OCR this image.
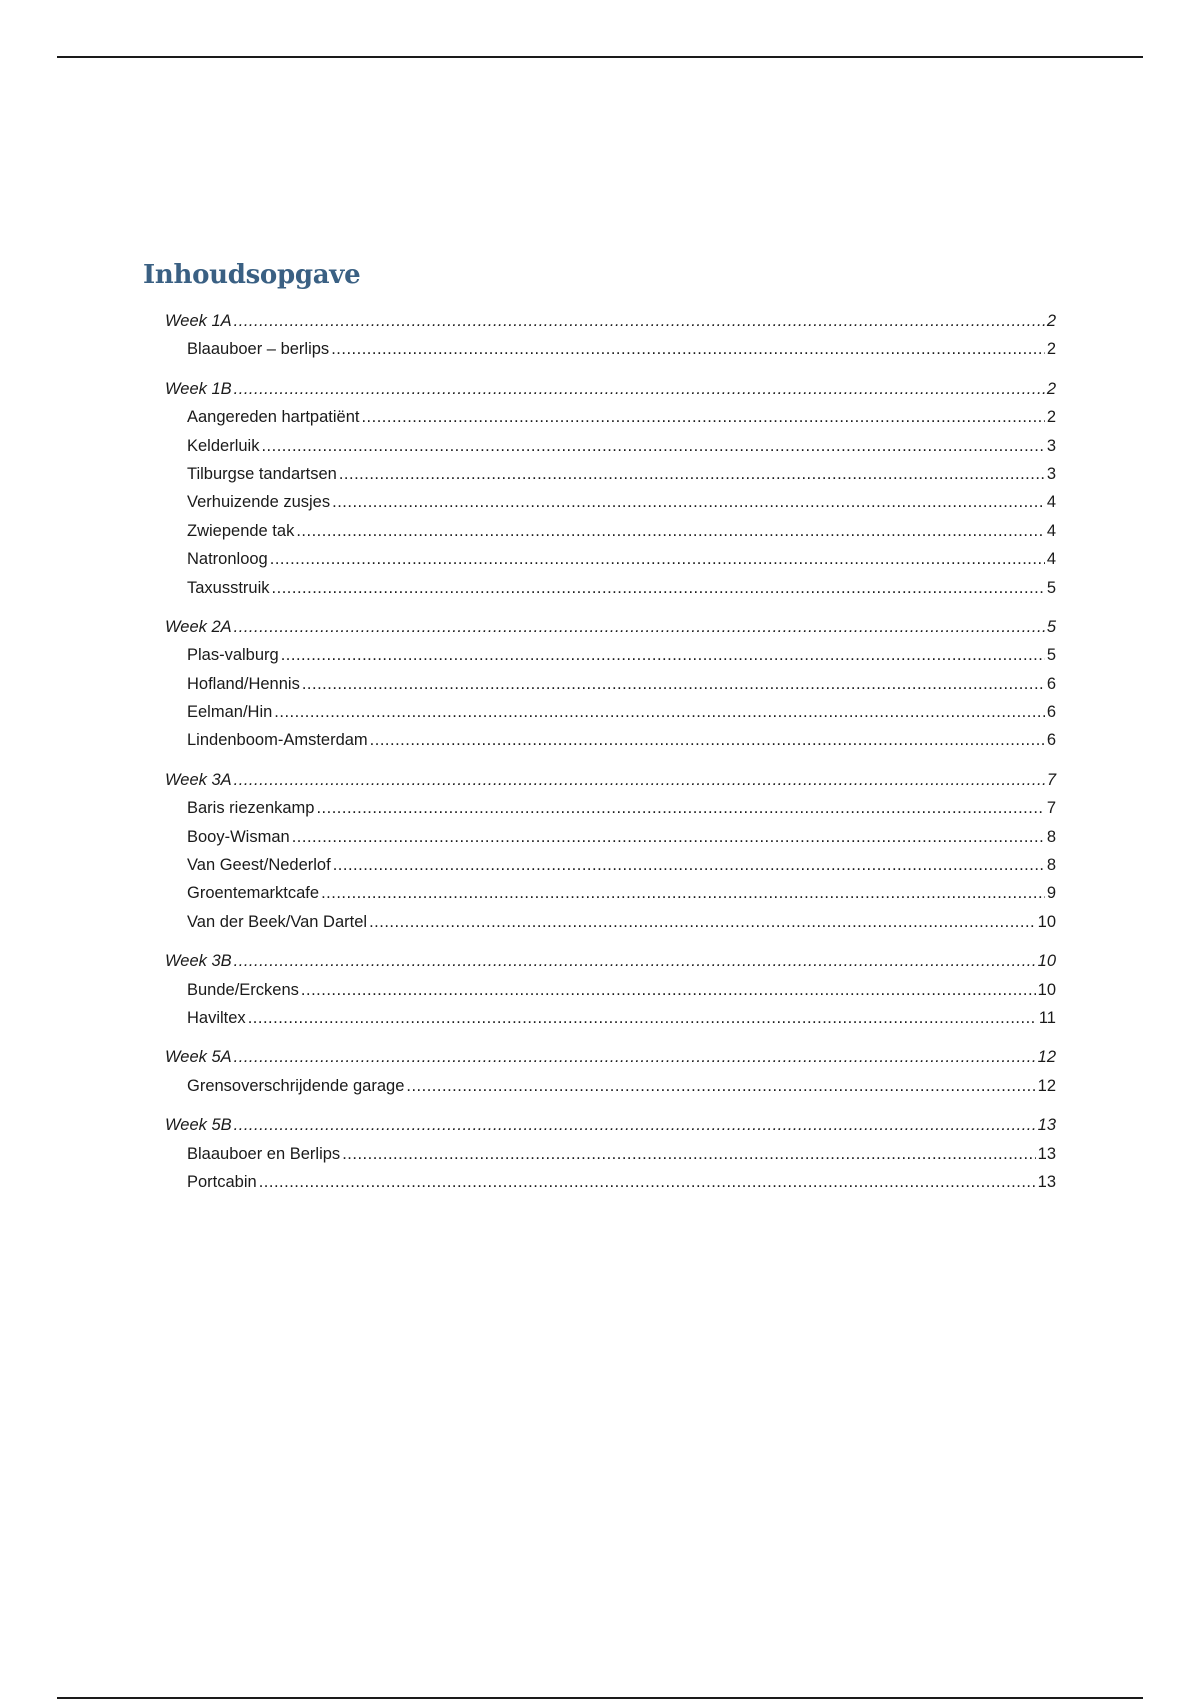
Inhoudsopgave
Week 1A .....	2
Blaauboer – berlips .....	2
Week 1B .....	2
Aangereden hartpatiënt .....	2
Kelderluik .....	3
Tilburgse tandartsen .....	3
Verhuizende zusjes .....	4
Zwiepende tak .....	4
Natronloog .....	4
Taxusstruik .....	5
Week 2A .....	5
Plas-valburg .....	5
Hofland/Hennis .....	6
Eelman/Hin .....	6
Lindenboom-Amsterdam .....	6
Week 3A .....	7
Baris riezenkamp .....	7
Booy-Wisman .....	8
Van Geest/Nederlof .....	8
Groentemarktcafe .....	9
Van der Beek/Van Dartel .....	10
Week 3B .....	10
Bunde/Erckens .....	10
Haviltex .....	11
Week 5A .....	12
Grensoverschrijdende garage .....	12
Week 5B .....	13
Blaauboer en Berlips .....	13
Portcabin .....	13
